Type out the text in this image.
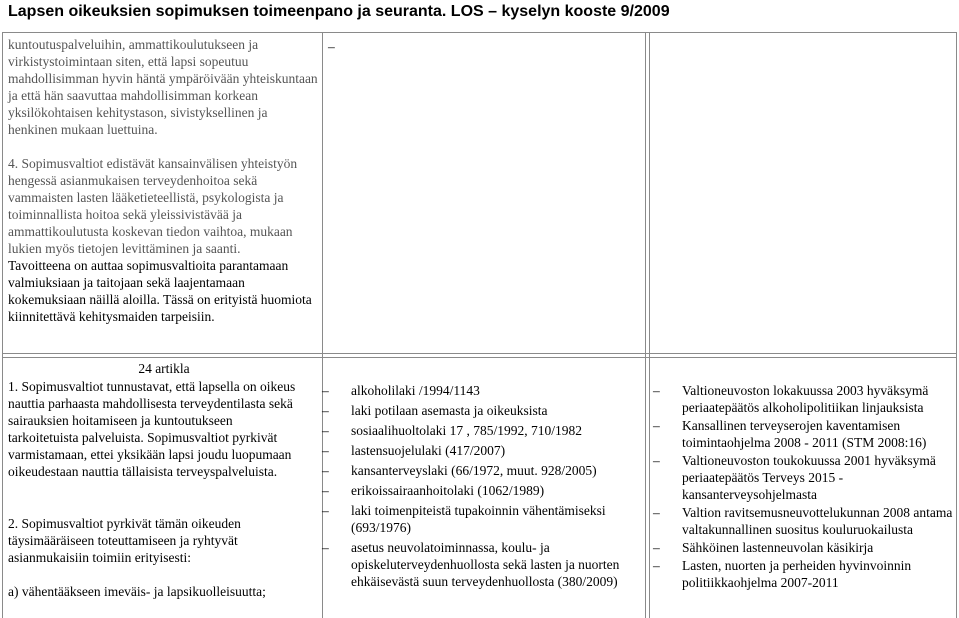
Lapsen oikeuksien sopimuksen toimeenpano ja seuranta. LOS – kyselyn kooste 9/2009

kuntoutuspalveluihin, ammattikoulutukseen ja virkistystoimintaan siten, että lapsi sopeutuu mahdollisimman hyvin häntä ympäröivään yhteiskuntaan ja että hän saavuttaa mahdollisimman korkean yksilökohtaisen kehitystason, sivistyksellinen ja henkinen mukaan luettuina.

4. Sopimusvaltiot edistävät kansainvälisen yhteistyön hengessä asianmukaisen terveydenhoitoa sekä vammaisten lasten lääketieteellistä, psykologista ja toiminnallista hoitoa sekä yleissivistävää ja ammattikoulutusta koskevan tiedon vaihtoa, mukaan lukien myös tietojen levittäminen ja saanti.

Tavoitteena on auttaa sopimusvaltioita parantamaan valmiuksiaan ja taitojaan sekä laajentamaan kokemuksiaan näillä aloilla. Tässä on erityistä huomiota kiinnitettävä kehitysmaiden tarpeisiin.

–
24 artikla

1. Sopimusvaltiot tunnustavat, että lapsella on oikeus nauttia parhaasta mahdollisesta terveydentilasta sekä sairauksien hoitamiseen ja kuntoutukseen tarkoitetuista palveluista. Sopimusvaltiot pyrkivät varmistamaan, ettei yksikään lapsi joudu luopumaan oikeudestaan nauttia tällaisista terveyspalveluista.

2. Sopimusvaltiot pyrkivät tämän oikeuden täysimääräiseen toteuttamiseen ja ryhtyvät asianmukaisiin toimiin erityisesti:

a) vähentääkseen imeväis- ja lapsikuolleisuutta;

– alkoholilaki /1994/1143
– laki potilaan asemasta ja oikeuksista
– sosiaalihuoltolaki 17 , 785/1992, 710/1982
– lastensuojelulaki (417/2007)
– kansanterveyslaki (66/1972, muut. 928/2005)
– erikoissairaanhoitolaki (1062/1989)
– laki toimenpiteistä tupakoinnin vähentämiseksi (693/1976)
– asetus neuvolatoiminnassa, koulu- ja opiskeluterveydenhuollosta sekä lasten ja nuorten ehkäisevästä suun terveydenhuollosta (380/2009)
– Valtioneuvoston lokakuussa 2003 hyväksymä periaatepäätös alkoholipolitiikan linjauksista
– Kansallinen terveyserojen kaventamisen toimintaohjelma 2008 - 2011 (STM 2008:16)
– Valtioneuvoston toukokuussa 2001 hyväksymä periaatepäätös Terveys 2015 -kansanterveysohjelmasta
– Valtion ravitsemusneuvottelukunnan 2008 antama valtakunnallinen suositus kouluruokailusta
– Sähköinen lastenneuvolan käsikirja
– Lasten, nuorten ja perheiden hyvinvoinnin politiikkaohjelma 2007-2011
